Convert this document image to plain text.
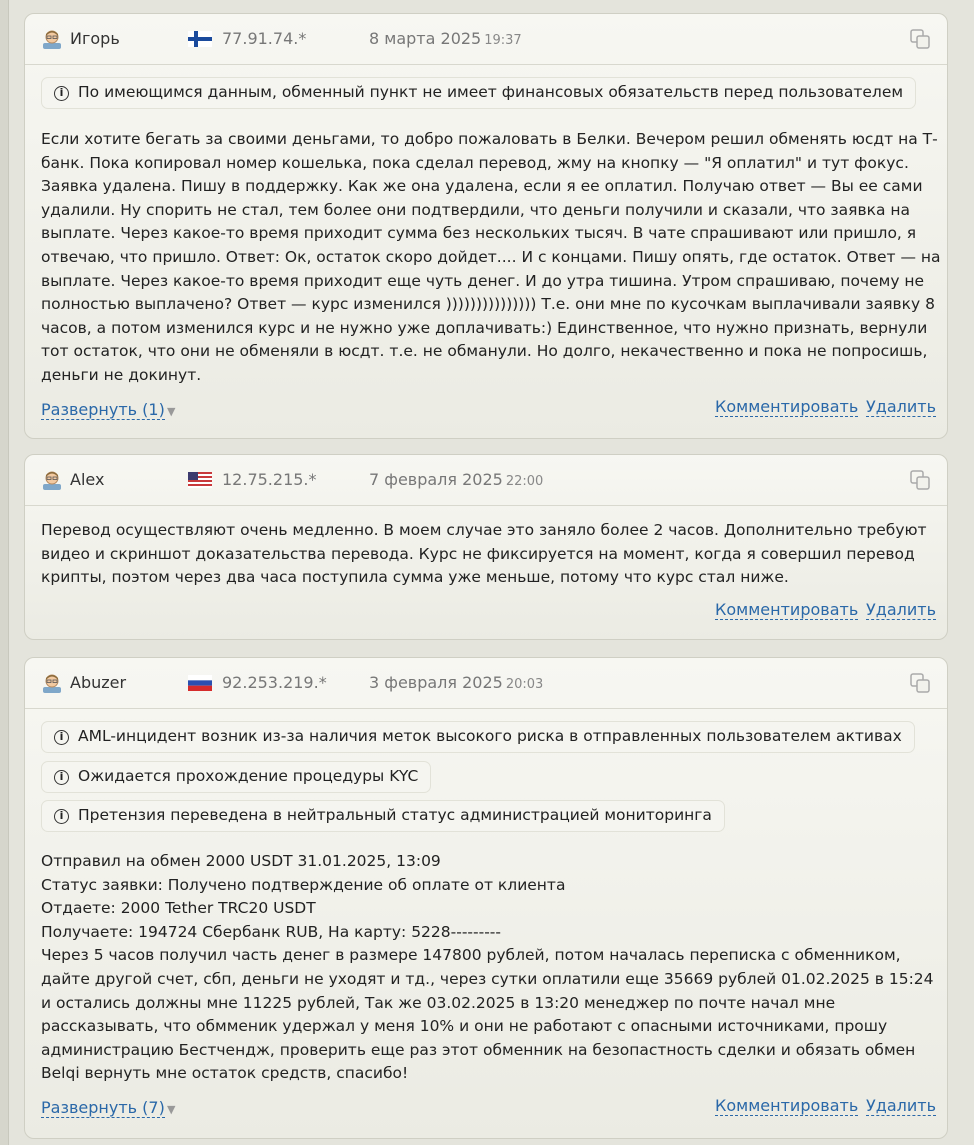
Игорь	77.91.74.*	8 марта 2025 19:37
i По имеющимся данным, обменный пункт не имеет финансовых обязательств перед пользователем
Если хотите бегать за своими деньгами, то добро пожаловать в Белки. Вечером решил обменять юсдт на Т-банк. Пока копировал номер кошелька, пока сделал перевод, жму на кнопку — "Я оплатил" и тут фокус. Заявка удалена. Пишу в поддержку. Как же она удалена, если я ее оплатил. Получаю ответ — Вы ее сами удалили. Ну спорить не стал, тем более они подтвердили, что деньги получили и сказали, что заявка на выплате. Через какое-то время приходит сумма без нескольких тысяч. В чате спрашивают или пришло, я отвечаю, что пришло. Ответ: Ок, остаток скоро дойдет.... И с концами. Пишу опять, где остаток. Ответ — на выплате. Через какое-то время приходит еще чуть денег. И до утра тишина. Утром спрашиваю, почему не полностью выплачено? Ответ — курс изменился ))))))))))))))) Т.е. они мне по кусочкам выплачивали заявку 8 часов, а потом изменился курс и не нужно уже доплачивать:) Единственное, что нужно признать, вернули тот остаток, что они не обменяли в юсдт. т.е. не обманули. Но долго, некачественно и пока не попросишь, деньги не докинут.
Развернуть (1) ▼	Комментировать Удалить
Alex	12.75.215.*	7 февраля 2025 22:00
Перевод осуществляют очень медленно. В моем случае это заняло более 2 часов. Дополнительно требуют видео и скриншот доказательства перевода. Курс не фиксируется на момент, когда я совершил перевод крипты, поэтом через два часа поступила сумма уже меньше, потому что курс стал ниже.
Комментировать Удалить
Abuzer	92.253.219.*	3 февраля 2025 20:03
i AML-инцидент возник из-за наличия меток высокого риска в отправленных пользователем активах
i Ожидается прохождение процедуры KYC
i Претензия переведена в нейтральный статус администрацией мониторинга
Отправил на обмен 2000 USDT 31.01.2025, 13:09
Статус заявки: Получено подтверждение об оплате от клиента
Отдаете: 2000 Tether TRC20 USDT
Получаете: 194724 Сбербанк RUB, На карту: 5228---------
Через 5 часов получил часть денег в размере 147800 рублей, потом началась переписка с обменником, дайте другой счет, сбп, деньги не уходят и тд., через сутки оплатили еще 35669 рублей 01.02.2025 в 15:24 и остались должны мне 11225 рублей, Так же 03.02.2025 в 13:20 менеджер по почте начал мне рассказывать, что обмменик удержал у меня 10% и они не работают с опасными источниками, прошу администрацию Бестчендж, проверить еще раз этот обменник на безопастность сделки и обязать обмен Belqi вернуть мне остаток средств, спасибо!
Развернуть (7) ▼	Комментировать Удалить
